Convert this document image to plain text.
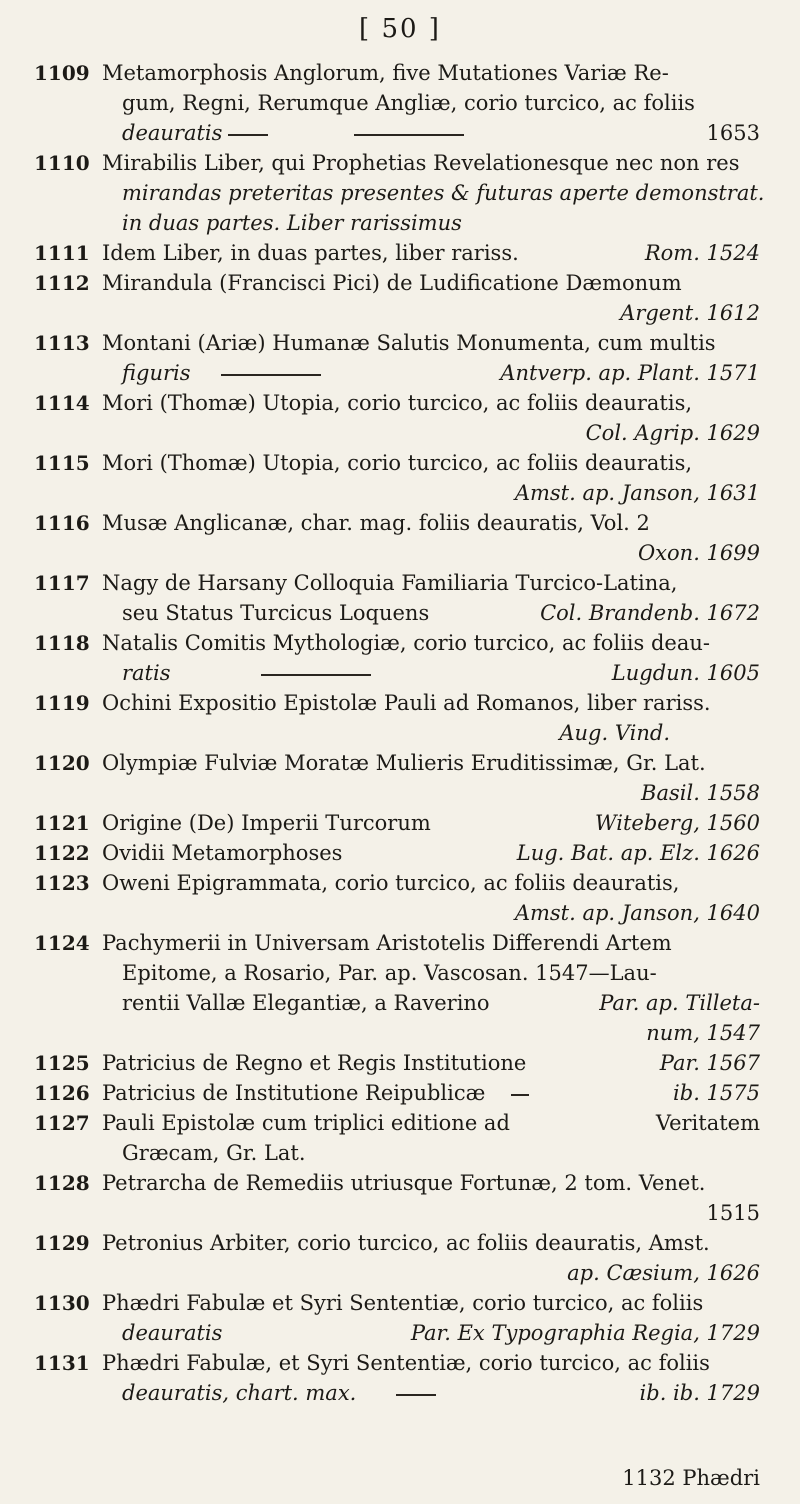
[ 50 ]
1109 Metamorphosis Anglorum, five Mutationes Variæ Re-
gum, Regni, Rerumque Angliæ, corio turcico, ac foliis
deauratis	1653
1110 Mirabilis Liber, qui Prophetias Revelationesque nec non res
mirandas preteritas presentes & futuras aperte demonstrat.
in duas partes. Liber rarissimus
1111 Idem Liber, in duas partes, liber rariss.	Rom. 1524
1112 Mirandula (Francisci Pici) de Ludificatione Dæmonum
Argent. 1612
1113 Montani (Ariæ) Humanæ Salutis Monumenta, cum multis
figuris	Antverp. ap. Plant. 1571
1114 Mori (Thomæ) Utopia, corio turcico, ac foliis deauratis,
Col. Agrip. 1629
1115 Mori (Thomæ) Utopia, corio turcico, ac foliis deauratis,
Amst. ap. Janson, 1631
1116 Musæ Anglicanæ, char. mag. foliis deauratis, Vol. 2
Oxon. 1699
1117 Nagy de Harsany Colloquia Familiaria Turcico-Latina,
seu Status Turcicus Loquens	Col. Brandenb. 1672
1118 Natalis Comitis Mythologiæ, corio turcico, ac foliis deau-
ratis	Lugdun. 1605
1119 Ochini Expositio Epistolæ Pauli ad Romanos, liber rariss.
Aug. Vind.
1120 Olympiæ Fulviæ Moratæ Mulieris Eruditissimæ, Gr. Lat.
Basil. 1558
1121 Origine (De) Imperii Turcorum	Witeberg, 1560
1122 Ovidii Metamorphoses	Lug. Bat. ap. Elz. 1626
1123 Oweni Epigrammata, corio turcico, ac foliis deauratis,
Amst. ap. Janson, 1640
1124 Pachymerii in Universam Aristotelis Differendi Artem
Epitome, a Rosario, Par. ap. Vascosan. 1547—Lau-
rentii Vallæ Elegantiæ, a Raverino	Par. ap. Tilleta-
num, 1547
1125 Patricius de Regno et Regis Institutione	Par. 1567
1126 Patricius de Institutione Reipublicæ	ib. 1575
1127 Pauli Epistolæ cum triplici editione ad	Veritatem
Græcam, Gr. Lat.
1128 Petrarcha de Remediis utriusque Fortunæ, 2 tom. Venet.
1515
1129 Petronius Arbiter, corio turcico, ac foliis deauratis, Amst.
ap. Cæsium, 1626
1130 Phædri Fabulæ et Syri Sententiæ, corio turcico, ac foliis
deauratis	Par. Ex Typographia Regia, 1729
1131 Phædri Fabulæ, et Syri Sententiæ, corio turcico, ac foliis
deauratis, chart. max.	ib. ib. 1729
1132 Phædri
